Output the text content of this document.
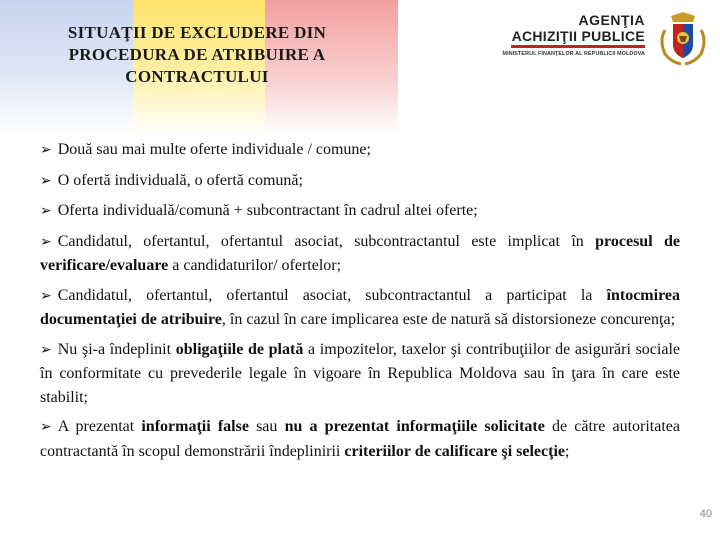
SITUAŢII DE EXCLUDERE DIN
PROCEDURA DE ATRIBUIRE A
CONTRACTULUI
AGENŢIA
ACHIZIŢII PUBLICE
MINISTERUL FINANŢELOR AL REPUBLICII MOLDOVA

➢ Două sau mai multe oferte individuale / comune;

➢ O ofertă individuală, o ofertă comună;

➢ Oferta individuală/comună + subcontractant în cadrul altei oferte;

➢ Candidatul, ofertantul, ofertantul asociat, subcontractantul este implicat în procesul de verificare/evaluare a candidaturilor/ ofertelor;

➢ Candidatul, ofertantul, ofertantul asociat, subcontractantul a participat la întocmirea documentaţiei de atribuire, în cazul în care implicarea este de natură să distorsioneze concurenţa;

➢ Nu şi-a îndeplinit obligaţiile de plată a impozitelor, taxelor şi contribuţiilor de asigurări sociale în conformitate cu prevederile legale în vigoare în Republica Moldova sau în ţara în care este stabilit;

➢ A prezentat informaţii false sau nu a prezentat informaţiile solicitate de către autoritatea contractantă în scopul demonstrării îndeplinirii criteriilor de calificare şi selecţie;

40
